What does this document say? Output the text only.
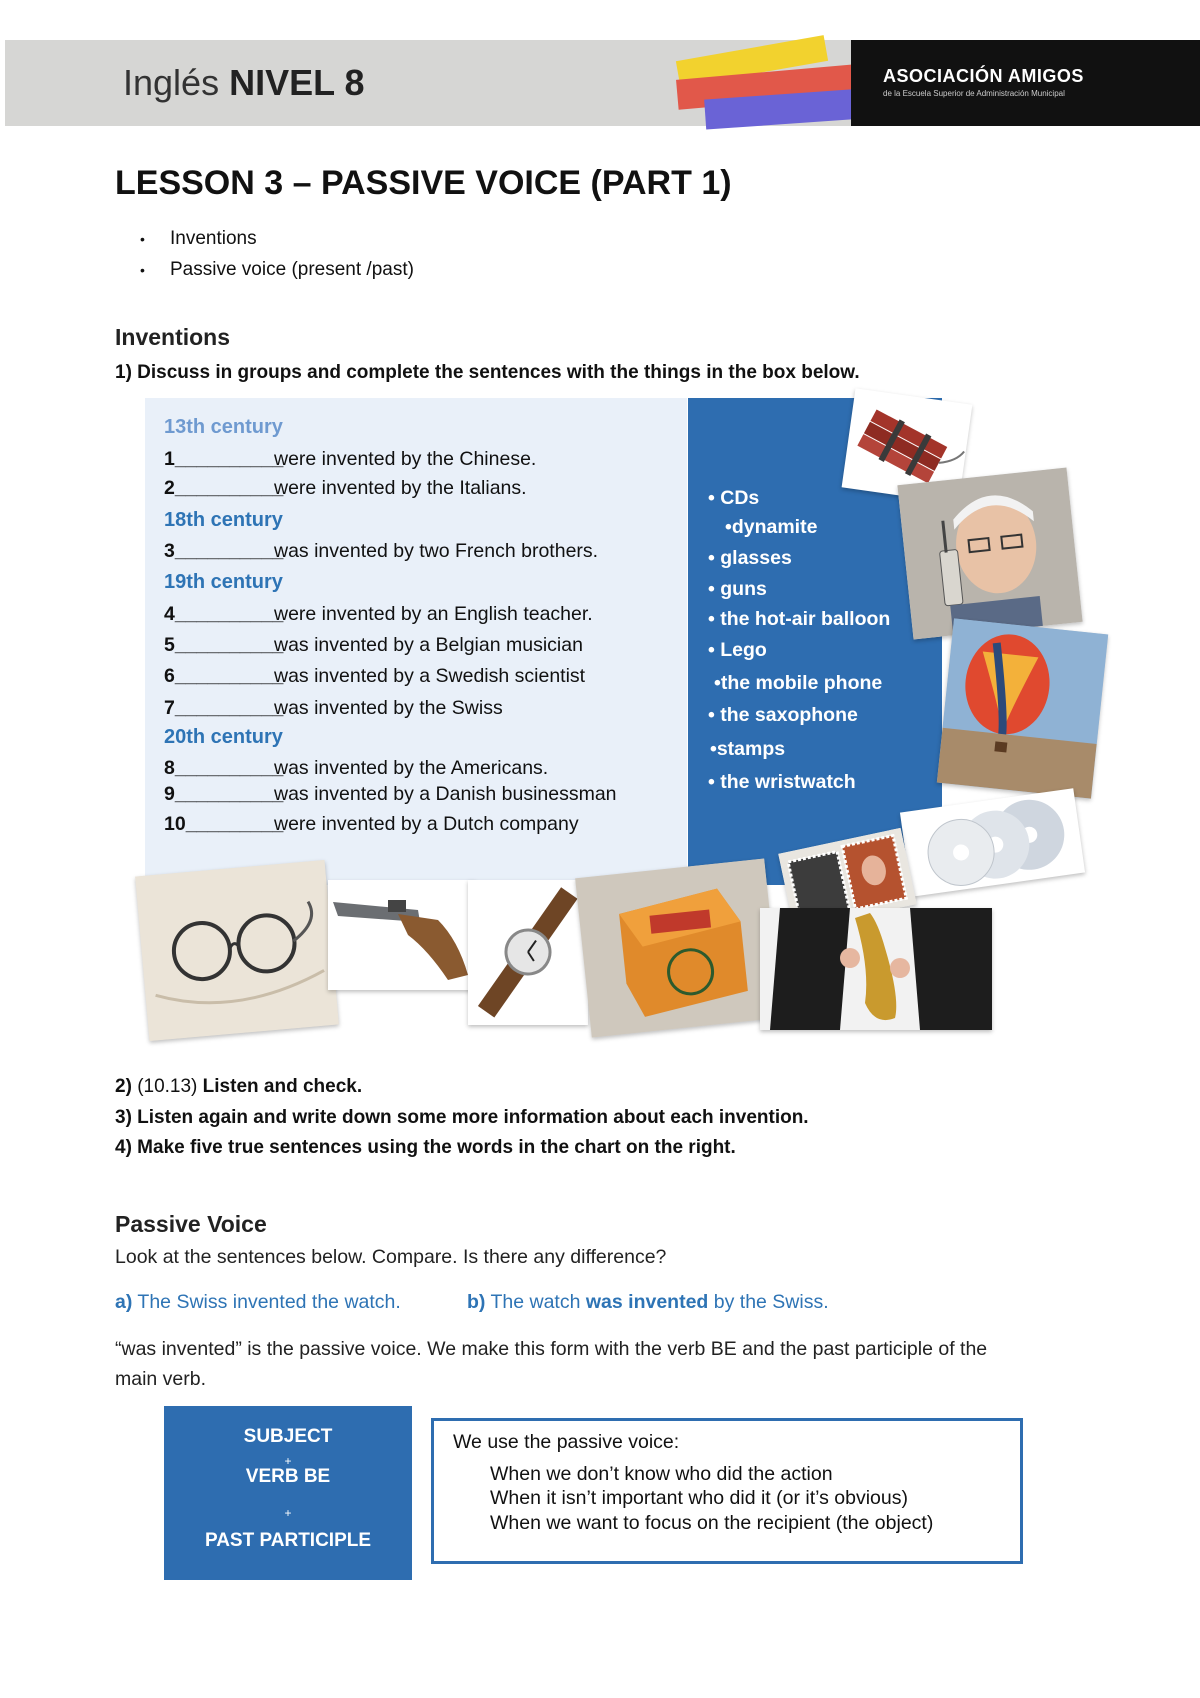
Inglés NIVEL 8	ASOCIACIÓN AMIGOS
de la Escuela Superior de Administración Municipal
LESSON 3 – PASSIVE VOICE (PART 1)
• Inventions
• Passive voice (present /past)
Inventions
1) Discuss in groups and complete the sentences with the things in the box below.
13th century
1__________were invented by the Chinese.
2__________were invented by the Italians.
18th century
3__________was invented by two French brothers.
19th century
4__________were invented by an English teacher.
5__________was invented by a Belgian musician
6__________was invented by a Swedish scientist
7__________was invented by the Swiss
20th century
8__________was invented by the Americans.
9__________was invented by a Danish businessman
10_________were invented by a Dutch company
• CDs
•dynamite
• glasses
• guns
• the hot-air balloon
• Lego
•the mobile phone
• the saxophone
•stamps
• the wristwatch
2) (10.13) Listen and check.
3) Listen again and write down some more information about each invention.
4) Make five true sentences using the words in the chart on the right.
Passive Voice
Look at the sentences below. Compare. Is there any difference?
a) The Swiss invented the watch.	b) The watch was invented by the Swiss.
“was invented” is the passive voice. We make this form with the verb BE and the past participle of the
main verb.
SUBJECT
+
VERB BE
+
PAST PARTICIPLE
We use the passive voice:
When we don’t know who did the action
When it isn’t important who did it (or it’s obvious)
When we want to focus on the recipient (the object)
